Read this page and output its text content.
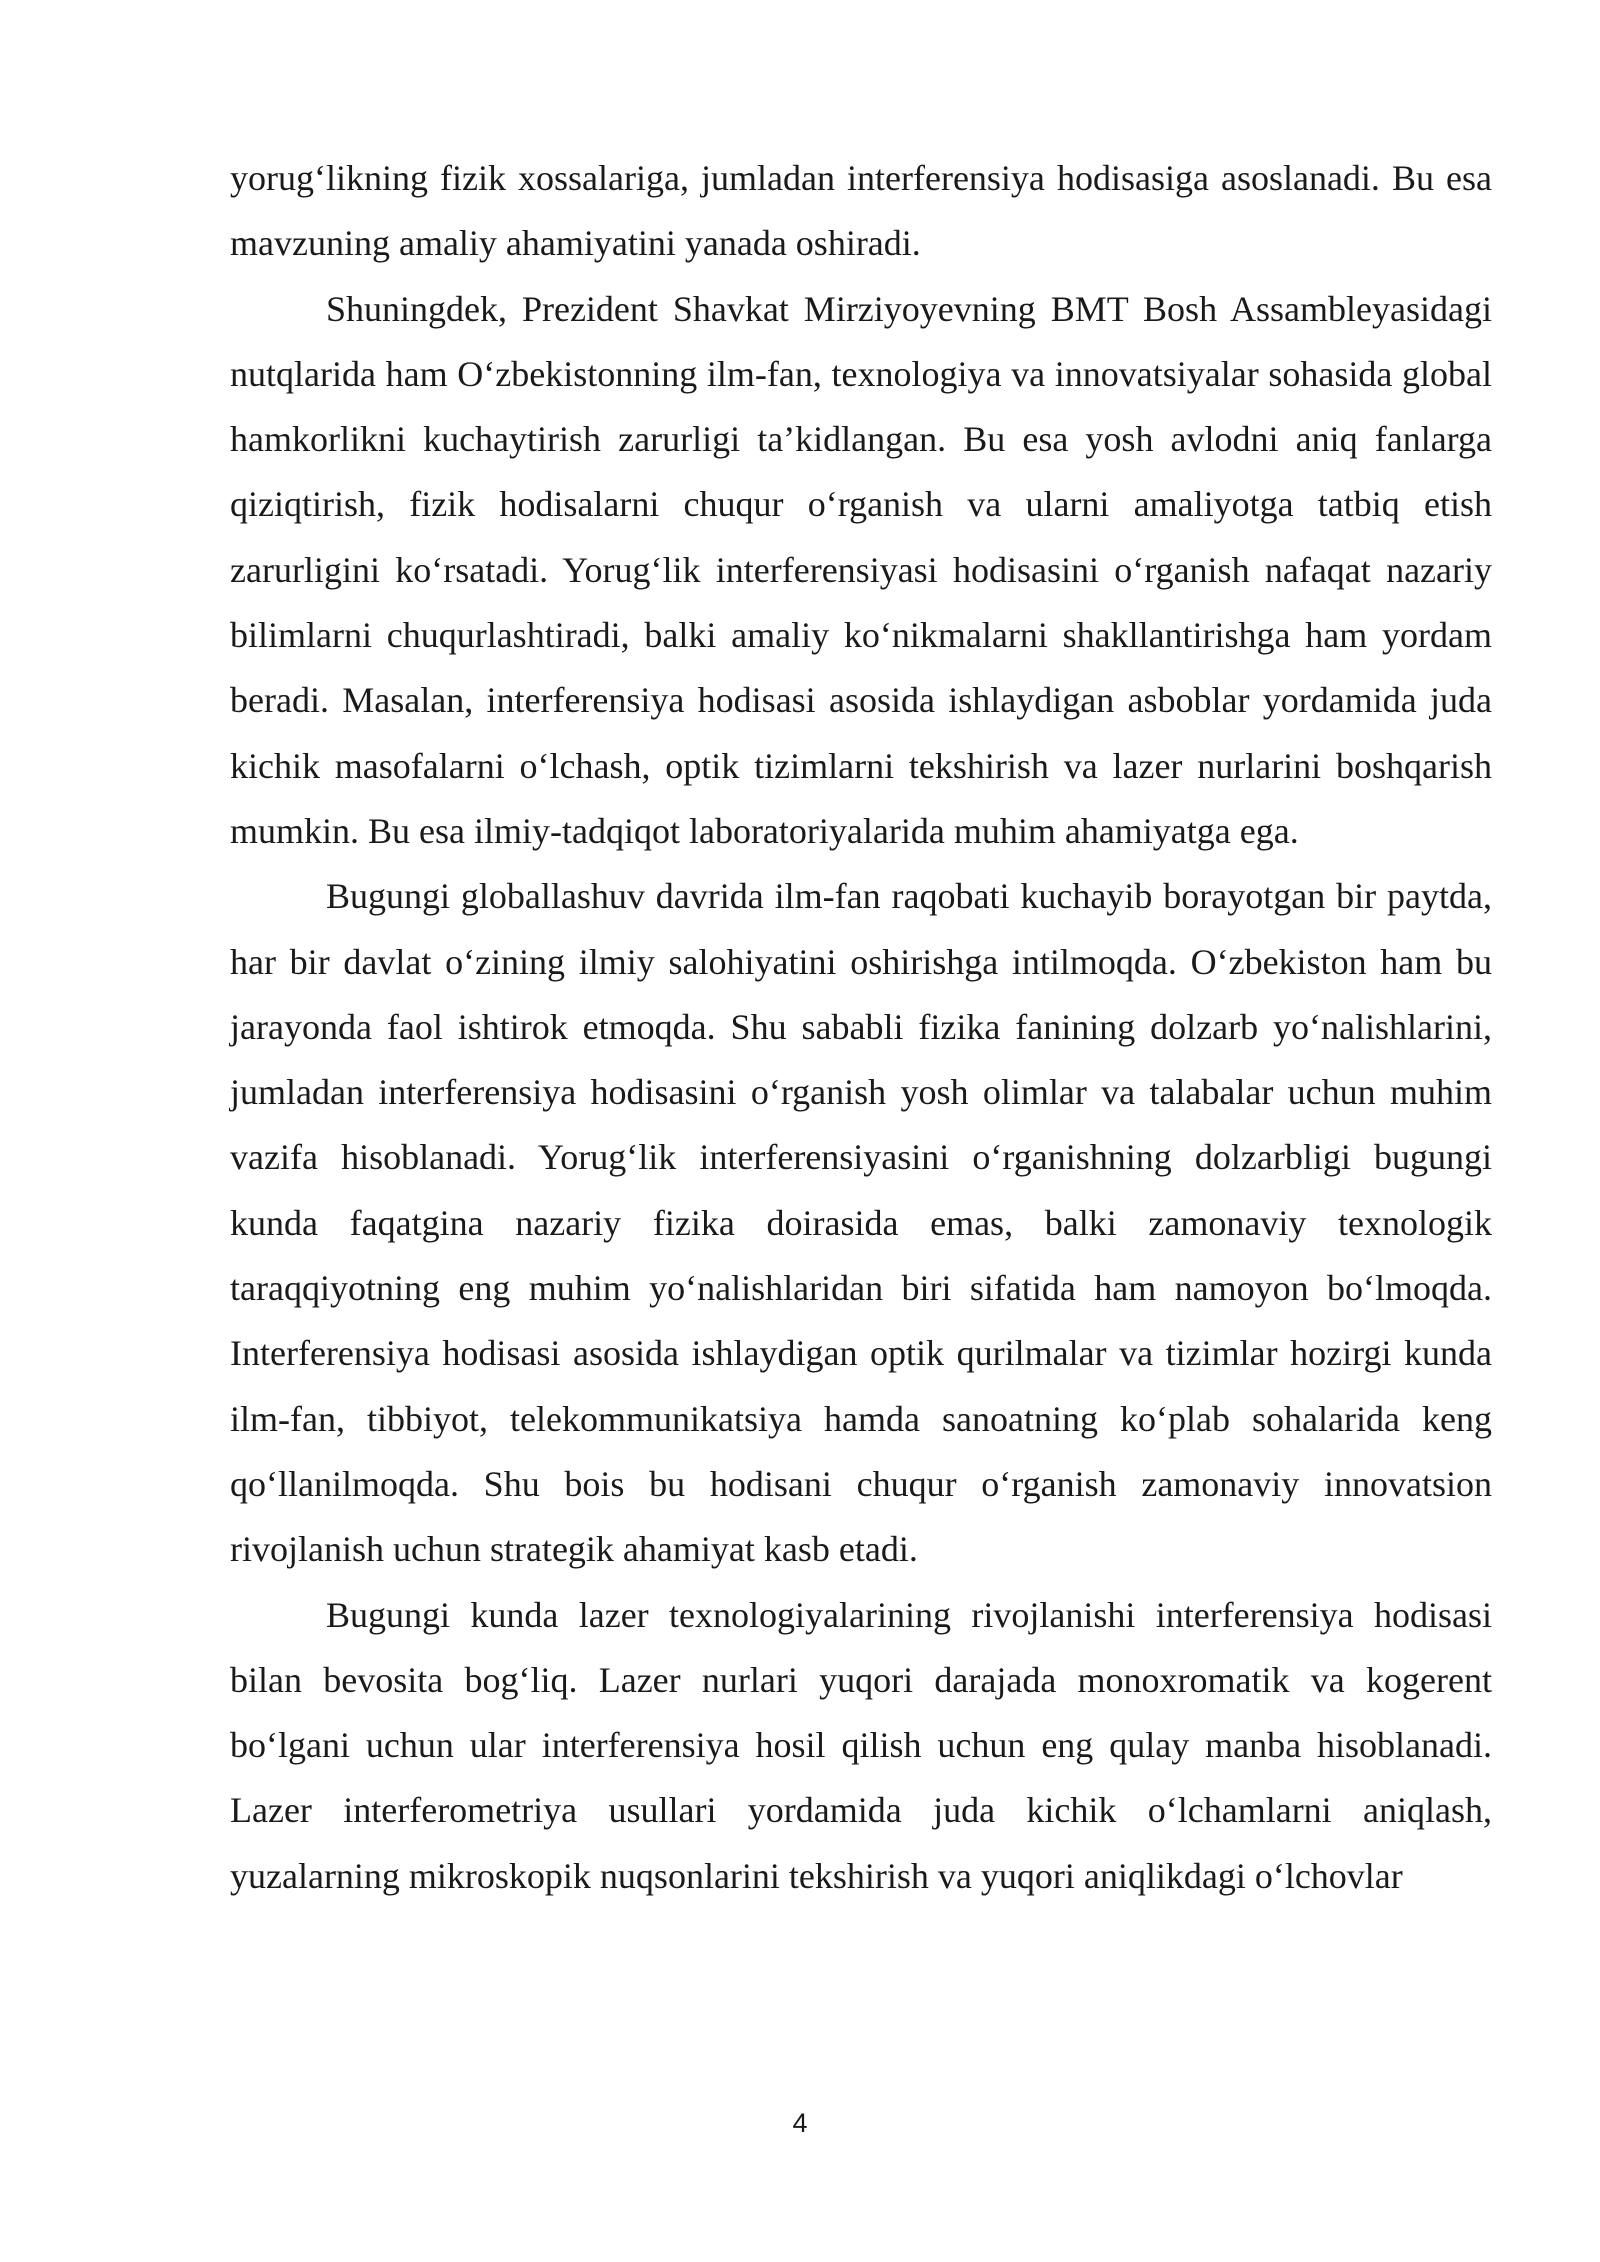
yorug‘likning fizik xossalariga, jumladan interferensiya hodisasiga asoslanadi. Bu esa mavzuning amaliy ahamiyatini yanada oshiradi.

Shuningdek, Prezident Shavkat Mirziyoyevning BMT Bosh Assambleyasidagi nutqlarida ham O‘zbekistonning ilm-fan, texnologiya va innovatsiyalar sohasida global hamkorlikni kuchaytirish zarurligi ta’kidlangan. Bu esa yosh avlodni aniq fanlarga qiziqtirish, fizik hodisalarni chuqur o‘rganish va ularni amaliyotga tatbiq etish zarurligini ko‘rsatadi. Yorug‘lik interferensiyasi hodisasini o‘rganish nafaqat nazariy bilimlarni chuqurlashtiradi, balki amaliy ko‘nikmalarni shakllantirishga ham yordam beradi. Masalan, interferensiya hodisasi asosida ishlaydigan asboblar yordamida juda kichik masofalarni o‘lchash, optik tizimlarni tekshirish va lazer nurlarini boshqarish mumkin. Bu esa ilmiy-tadqiqot laboratoriyalarida muhim ahamiyatga ega.

Bugungi globallashuv davrida ilm-fan raqobati kuchayib borayotgan bir paytda, har bir davlat o‘zining ilmiy salohiyatini oshirishga intilmoqda. O‘zbekiston ham bu jarayonda faol ishtirok etmoqda. Shu sababli fizika fanining dolzarb yo‘nalishlarini, jumladan interferensiya hodisasini o‘rganish yosh olimlar va talabalar uchun muhim vazifa hisoblanadi. Yorug‘lik interferensiyasini o‘rganishning dolzarbligi bugungi kunda faqatgina nazariy fizika doirasida emas, balki zamonaviy texnologik taraqqiyotning eng muhim yo‘nalishlaridan biri sifatida ham namoyon bo‘lmoqda. Interferensiya hodisasi asosida ishlaydigan optik qurilmalar va tizimlar hozirgi kunda ilm-fan, tibbiyot, telekommunikatsiya hamda sanoatning ko‘plab sohalarida keng qo‘llanilmoqda. Shu bois bu hodisani chuqur o‘rganish zamonaviy innovatsion rivojlanish uchun strategik ahamiyat kasb etadi.

Bugungi kunda lazer texnologiyalarining rivojlanishi interferensiya hodisasi bilan bevosita bog‘liq. Lazer nurlari yuqori darajada monoxromatik va kogerent bo‘lgani uchun ular interferensiya hosil qilish uchun eng qulay manba hisoblanadi. Lazer interferometriya usullari yordamida juda kichik o‘lchamlarni aniqlash, yuzalarning mikroskopik nuqsonlarini tekshirish va yuqori aniqlikdagi o‘lchovlar

4
